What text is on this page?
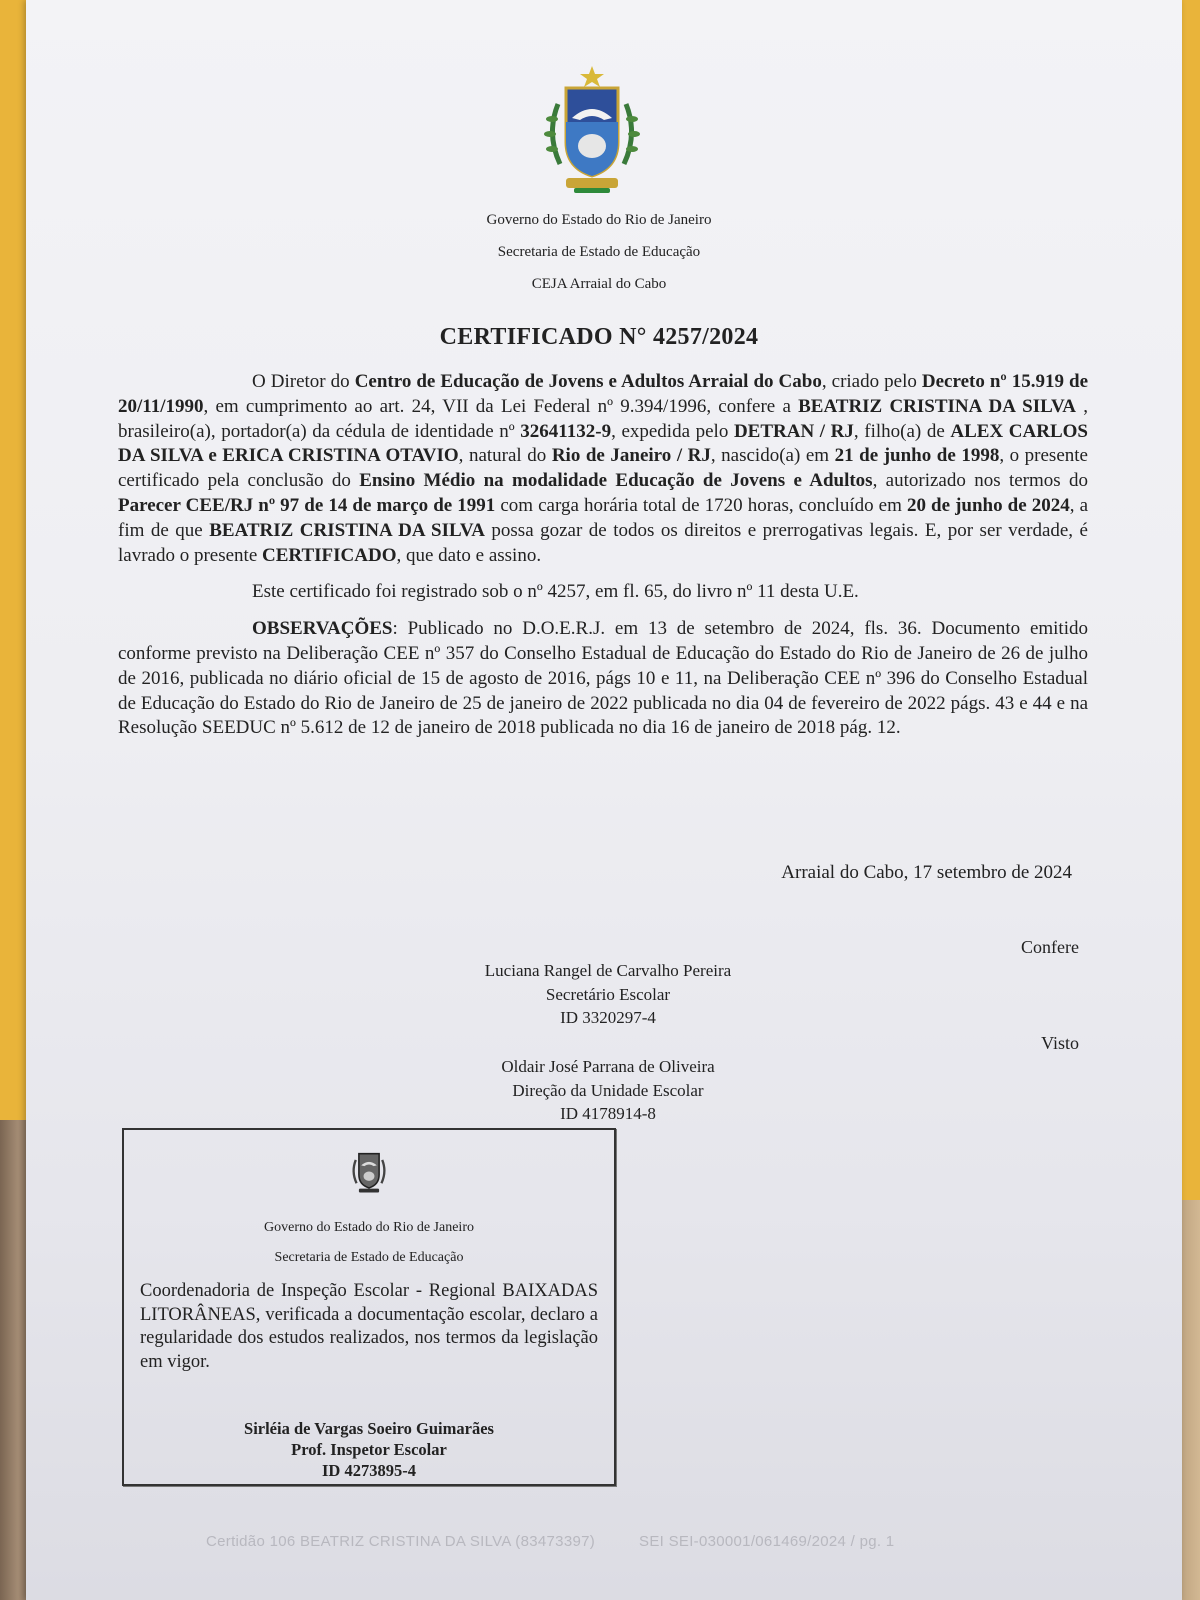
Governo do Estado do Rio de Janeiro
Secretaria de Estado de Educação
CEJA Arraial do Cabo
CERTIFICADO N° 4257/2024

O Diretor do Centro de Educação de Jovens e Adultos Arraial do Cabo, criado pelo Decreto nº 15.919 de 20/11/1990, em cumprimento ao art. 24, VII da Lei Federal nº 9.394/1996, confere a BEATRIZ CRISTINA DA SILVA , brasileiro(a), portador(a) da cédula de identidade nº 32641132-9, expedida pelo DETRAN / RJ, filho(a) de ALEX CARLOS DA SILVA e ERICA CRISTINA OTAVIO, natural do Rio de Janeiro / RJ, nascido(a) em 21 de junho de 1998, o presente certificado pela conclusão do Ensino Médio na modalidade Educação de Jovens e Adultos, autorizado nos termos do Parecer CEE/RJ nº 97 de 14 de março de 1991 com carga horária total de 1720 horas, concluído em 20 de junho de 2024, a fim de que BEATRIZ CRISTINA DA SILVA possa gozar de todos os direitos e prerrogativas legais. E, por ser verdade, é lavrado o presente CERTIFICADO, que dato e assino.

Este certificado foi registrado sob o nº 4257, em fl. 65, do livro nº 11 desta U.E.

OBSERVAÇÕES: Publicado no D.O.E.R.J. em 13 de setembro de 2024, fls. 36. Documento emitido conforme previsto na Deliberação CEE nº 357 do Conselho Estadual de Educação do Estado do Rio de Janeiro de 26 de julho de 2016, publicada no diário oficial de 15 de agosto de 2016, págs 10 e 11, na Deliberação CEE nº 396 do Conselho Estadual de Educação do Estado do Rio de Janeiro de 25 de janeiro de 2022 publicada no dia 04 de fevereiro de 2022 págs. 43 e 44 e na Resolução SEEDUC nº 5.612 de 12 de janeiro de 2018 publicada no dia 16 de janeiro de 2018 pág. 12.

Arraial do Cabo, 17 setembro de 2024
Confere
Luciana Rangel de Carvalho Pereira
Secretário Escolar
ID 3320297-4
Visto
Oldair José Parrana de Oliveira
Direção da Unidade Escolar
ID 4178914-8
Governo do Estado do Rio de Janeiro
Secretaria de Estado de Educação
Coordenadoria de Inspeção Escolar - Regional BAIXADAS LITORÂNEAS, verificada a documentação escolar, declaro a regularidade dos estudos realizados, nos termos da legislação em vigor.
Sirléia de Vargas Soeiro Guimarães
Prof. Inspetor Escolar
ID 4273895-4
Certidão 106 BEATRIZ CRISTINA DA SILVA (83473397)	SEI SEI-030001/061469/2024 / pg. 1
